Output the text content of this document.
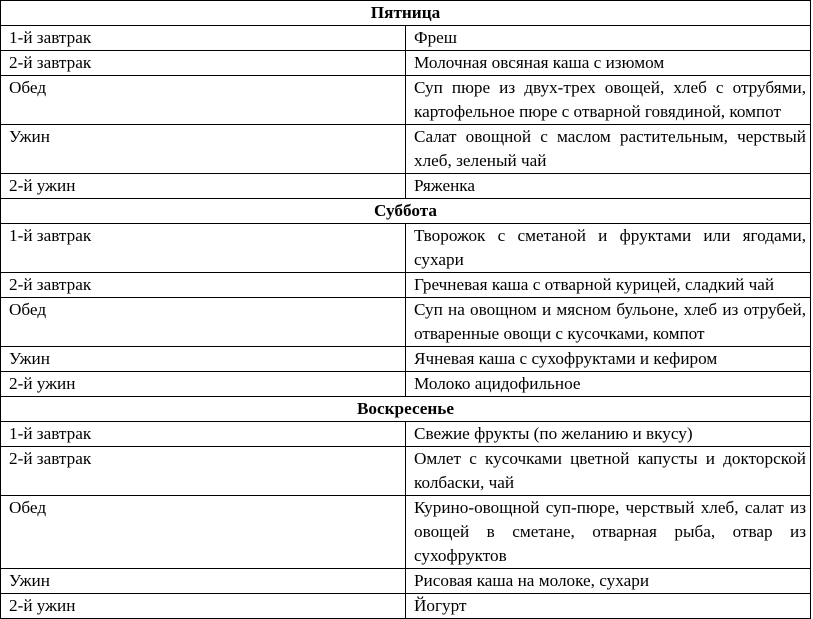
Пятница	
1-й завтрак	Фреш
2-й завтрак	Молочная овсяная каша с изюмом
Обед	Суп пюре из двух-трех овощей, хлеб с отрубями, картофельное пюре с отварной говядиной, компот
Ужин	Салат овощной с маслом растительным, черствый хлеб, зеленый чай
2-й ужин	Ряженка
Суббота	
1-й завтрак	Творожок с сметаной и фруктами или ягодами, сухари
2-й завтрак	Гречневая каша с отварной курицей, сладкий чай
Обед	Суп на овощном и мясном бульоне, хлеб из отрубей, отваренные овощи с кусочками, компот
Ужин	Ячневая каша с сухофруктами и кефиром
2-й ужин	Молоко ацидофильное
Воскресенье	
1-й завтрак	Свежие фрукты (по желанию и вкусу)
2-й завтрак	Омлет с кусочками цветной капусты и докторской колбаски, чай
Обед	Курино-овощной суп-пюре, черствый хлеб, салат из овощей в сметане, отварная рыба, отвар из сухофруктов
Ужин	Рисовая каша на молоке, сухари
2-й ужин	Йогурт
